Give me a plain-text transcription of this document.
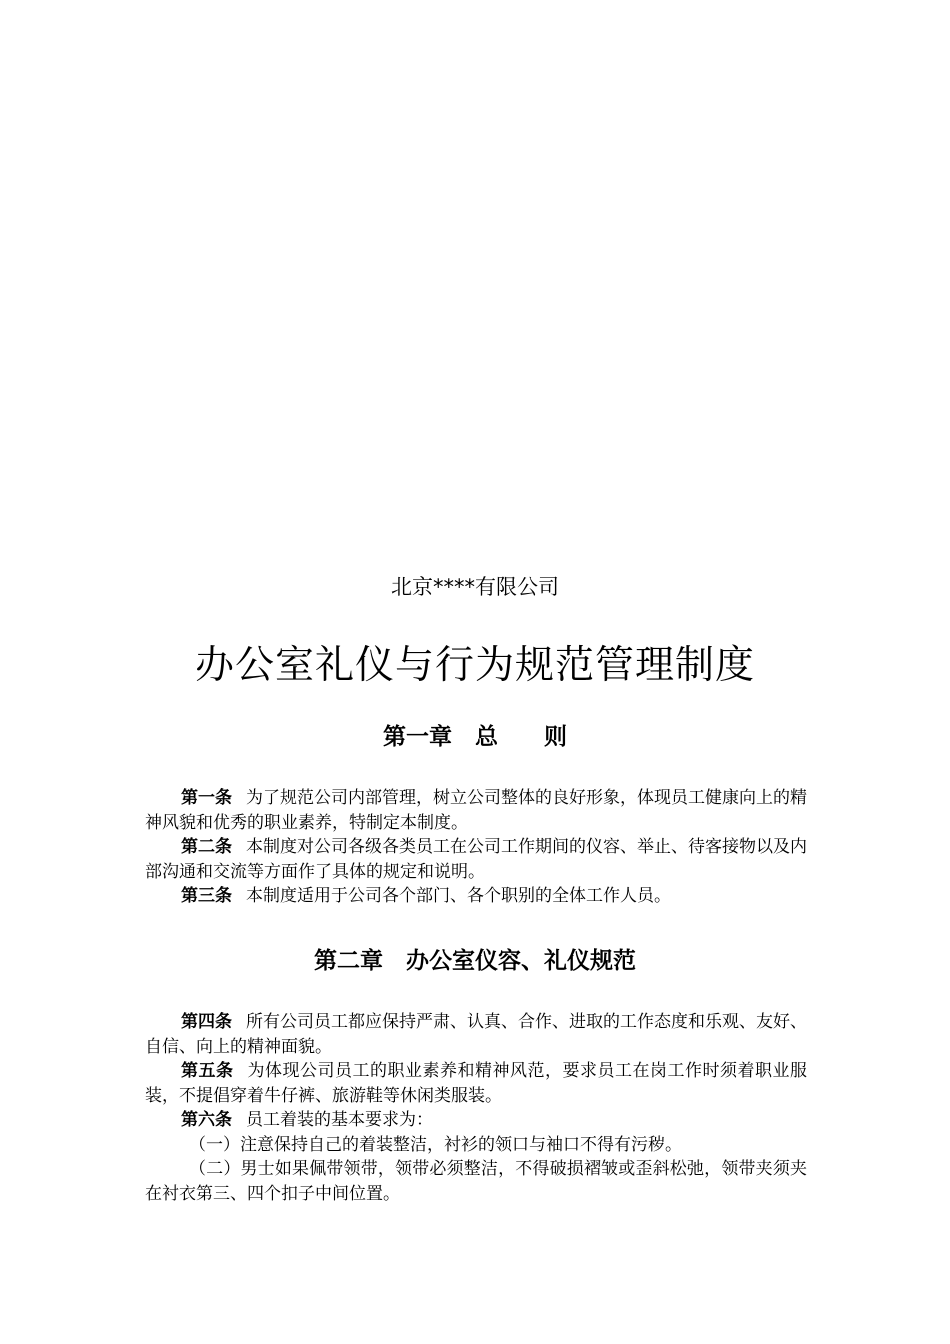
北京****有限公司
办公室礼仪与行为规范管理制度
第一章　总　　则

第一条 为了规范公司内部管理，树立公司整体的良好形象，体现员工健康向上的精神风貌和优秀的职业素养，特制定本制度。

第二条 本制度对公司各级各类员工在公司工作期间的仪容、举止、待客接物以及内部沟通和交流等方面作了具体的规定和说明。

第三条 本制度适用于公司各个部门、各个职别的全体工作人员。

第二章　办公室仪容、礼仪规范

第四条 所有公司员工都应保持严肃、认真、合作、进取的工作态度和乐观、友好、自信、向上的精神面貌。

第五条 为体现公司员工的职业素养和精神风范，要求员工在岗工作时须着职业服装，不提倡穿着牛仔裤、旅游鞋等休闲类服装。

第六条 员工着装的基本要求为：

（一）注意保持自己的着装整洁，衬衫的领口与袖口不得有污秽。

（二）男士如果佩带领带，领带必须整洁，不得破损褶皱或歪斜松弛，领带夹须夹在衬衣第三、四个扣子中间位置。
